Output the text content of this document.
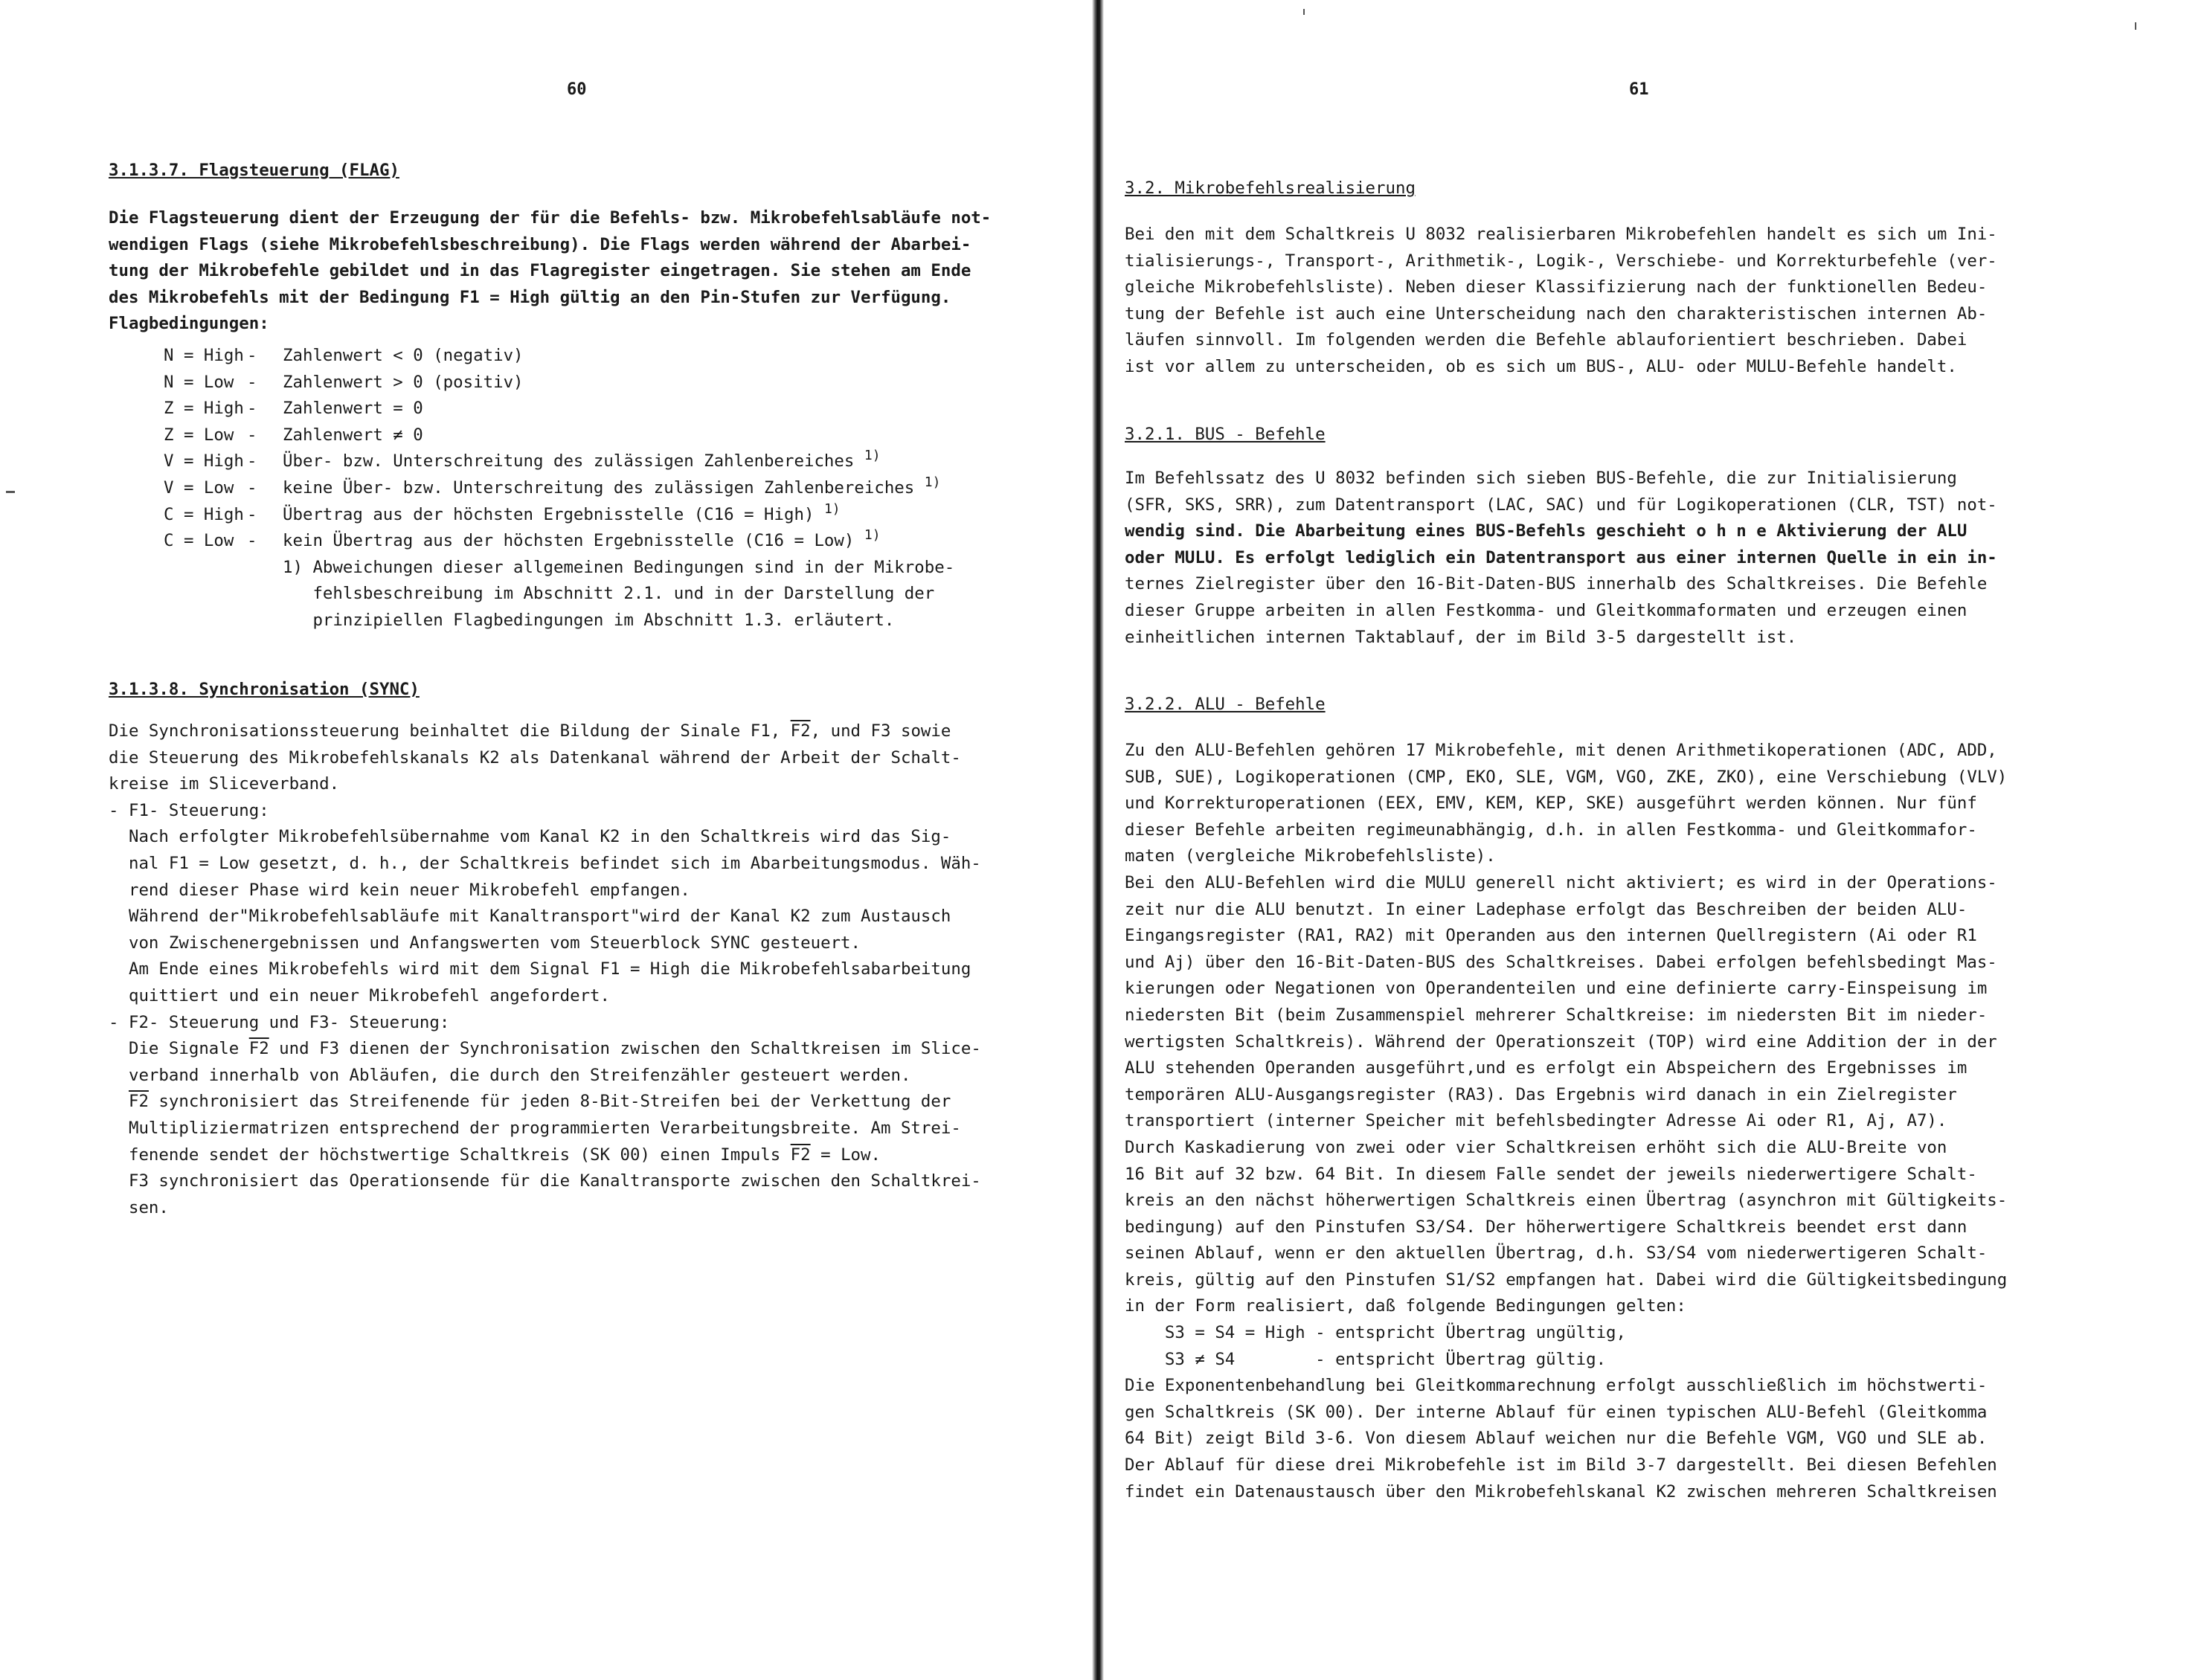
60
3.1.3.7. Flagsteuerung (FLAG)
Die Flagsteuerung dient der Erzeugung der für die Befehls- bzw. Mikrobefehlsabläufe not-
wendigen Flags (siehe Mikrobefehlsbeschreibung). Die Flags werden während der Abarbei-
tung der Mikrobefehle gebildet und in das Flagregister eingetragen. Sie stehen am Ende
des Mikrobefehls mit der Bedingung F1 = High gültig an den Pin-Stufen zur Verfügung.
Flagbedingungen:
N = High - Zahlenwert < 0 (negativ)
N = Low - Zahlenwert > 0 (positiv)
Z = High - Zahlenwert = 0
Z = Low - Zahlenwert ≠ 0
V = High - Über- bzw. Unterschreitung des zulässigen Zahlenbereiches $^{1)}$
V = Low - keine Über- bzw. Unterschreitung des zulässigen Zahlenbereiches $^{1)}$
C = High - Übertrag aus der höchsten Ergebnisstelle (C16 = High) $^{1)}$
C = Low - kein Übertrag aus der höchsten Ergebnisstelle (C16 = Low) $^{1)}$
1) Abweichungen dieser allgemeinen Bedingungen sind in der Mikrobe-
fehlsbeschreibung im Abschnitt 2.1. und in der Darstellung der
prinzipiellen Flagbedingungen im Abschnitt 1.3. erläutert.
3.1.3.8. Synchronisation (SYNC)
Die Synchronisationssteuerung beinhaltet die Bildung der Sinale F1, F2, und F3 sowie
die Steuerung des Mikrobefehlskanals K2 als Datenkanal während der Arbeit der Schalt-
kreise im Sliceverband.
- F1- Steuerung:
Nach erfolgter Mikrobefehlsübernahme vom Kanal K2 in den Schaltkreis wird das Sig-
nal F1 = Low gesetzt, d. h., der Schaltkreis befindet sich im Abarbeitungsmodus. Wäh-
rend dieser Phase wird kein neuer Mikrobefehl empfangen.
Während der"Mikrobefehlsabläufe mit Kanaltransport"wird der Kanal K2 zum Austausch
von Zwischenergebnissen und Anfangswerten vom Steuerblock SYNC gesteuert.
Am Ende eines Mikrobefehls wird mit dem Signal F1 = High die Mikrobefehlsabarbeitung
quittiert und ein neuer Mikrobefehl angefordert.
- F2- Steuerung und F3- Steuerung:
Die Signale F2 und F3 dienen der Synchronisation zwischen den Schaltkreisen im Slice-
verband innerhalb von Abläufen, die durch den Streifenzähler gesteuert werden.
F2 synchronisiert das Streifenende für jeden 8-Bit-Streifen bei der Verkettung der
Multipliziermatrizen entsprechend der programmierten Verarbeitungsbreite. Am Strei-
fenende sendet der höchstwertige Schaltkreis (SK 00) einen Impuls F2 = Low.
F3 synchronisiert das Operationsende für die Kanaltransporte zwischen den Schaltkrei-
sen.
61
3.2. Mikrobefehlsrealisierung
Bei den mit dem Schaltkreis U 8032 realisierbaren Mikrobefehlen handelt es sich um Ini-
tialisierungs-, Transport-, Arithmetik-, Logik-, Verschiebe- und Korrekturbefehle (ver-
gleiche Mikrobefehlsliste). Neben dieser Klassifizierung nach der funktionellen Bedeu-
tung der Befehle ist auch eine Unterscheidung nach den charakteristischen internen Ab-
läufen sinnvoll. Im folgenden werden die Befehle ablauforientiert beschrieben. Dabei
ist vor allem zu unterscheiden, ob es sich um BUS-, ALU- oder MULU-Befehle handelt.
3.2.1. BUS - Befehle
Im Befehlssatz des U 8032 befinden sich sieben BUS-Befehle, die zur Initialisierung
(SFR, SKS, SRR), zum Datentransport (LAC, SAC) und für Logikoperationen (CLR, TST) not-
wendig sind. Die Abarbeitung eines BUS-Befehls geschieht o h n e Aktivierung der ALU
oder MULU. Es erfolgt lediglich ein Datentransport aus einer internen Quelle in ein in-
ternes Zielregister über den 16-Bit-Daten-BUS innerhalb des Schaltkreises. Die Befehle
dieser Gruppe arbeiten in allen Festkomma- und Gleitkommaformaten und erzeugen einen
einheitlichen internen Taktablauf, der im Bild 3-5 dargestellt ist.
3.2.2. ALU - Befehle
Zu den ALU-Befehlen gehören 17 Mikrobefehle, mit denen Arithmetikoperationen (ADC, ADD,
SUB, SUE), Logikoperationen (CMP, EKO, SLE, VGM, VGO, ZKE, ZKO), eine Verschiebung (VLV)
und Korrekturoperationen (EEX, EMV, KEM, KEP, SKE) ausgeführt werden können. Nur fünf
dieser Befehle arbeiten regimeunabhängig, d.h. in allen Festkomma- und Gleitkommafor-
maten (vergleiche Mikrobefehlsliste).
Bei den ALU-Befehlen wird die MULU generell nicht aktiviert; es wird in der Operations-
zeit nur die ALU benutzt. In einer Ladephase erfolgt das Beschreiben der beiden ALU-
Eingangsregister (RA1, RA2) mit Operanden aus den internen Quellregistern (Ai oder R1
und Aj) über den 16-Bit-Daten-BUS des Schaltkreises. Dabei erfolgen befehlsbedingt Mas-
kierungen oder Negationen von Operandenteilen und eine definierte carry-Einspeisung im
niedersten Bit (beim Zusammenspiel mehrerer Schaltkreise: im niedersten Bit im nieder-
wertigsten Schaltkreis). Während der Operationszeit (TOP) wird eine Addition der in der
ALU stehenden Operanden ausgeführt,und es erfolgt ein Abspeichern des Ergebnisses im
temporären ALU-Ausgangsregister (RA3). Das Ergebnis wird danach in ein Zielregister
transportiert (interner Speicher mit befehlsbedingter Adresse Ai oder R1, Aj, A7).
Durch Kaskadierung von zwei oder vier Schaltkreisen erhöht sich die ALU-Breite von
16 Bit auf 32 bzw. 64 Bit. In diesem Falle sendet der jeweils niederwertigere Schalt-
kreis an den nächst höherwertigen Schaltkreis einen Übertrag (asynchron mit Gültigkeits-
bedingung) auf den Pinstufen S3/S4. Der höherwertigere Schaltkreis beendet erst dann
seinen Ablauf, wenn er den aktuellen Übertrag, d.h. S3/S4 vom niederwertigeren Schalt-
kreis, gültig auf den Pinstufen S1/S2 empfangen hat. Dabei wird die Gültigkeitsbedingung
in der Form realisiert, daß folgende Bedingungen gelten:
S3 = S4 = High - entspricht Übertrag ungültig,
S3 ≠ S4        - entspricht Übertrag gültig.
Die Exponentenbehandlung bei Gleitkommarechnung erfolgt ausschließlich im höchstwerti-
gen Schaltkreis (SK 00). Der interne Ablauf für einen typischen ALU-Befehl (Gleitkomma
64 Bit) zeigt Bild 3-6. Von diesem Ablauf weichen nur die Befehle VGM, VGO und SLE ab.
Der Ablauf für diese drei Mikrobefehle ist im Bild 3-7 dargestellt. Bei diesen Befehlen
findet ein Datenaustausch über den Mikrobefehlskanal K2 zwischen mehreren Schaltkreisen
